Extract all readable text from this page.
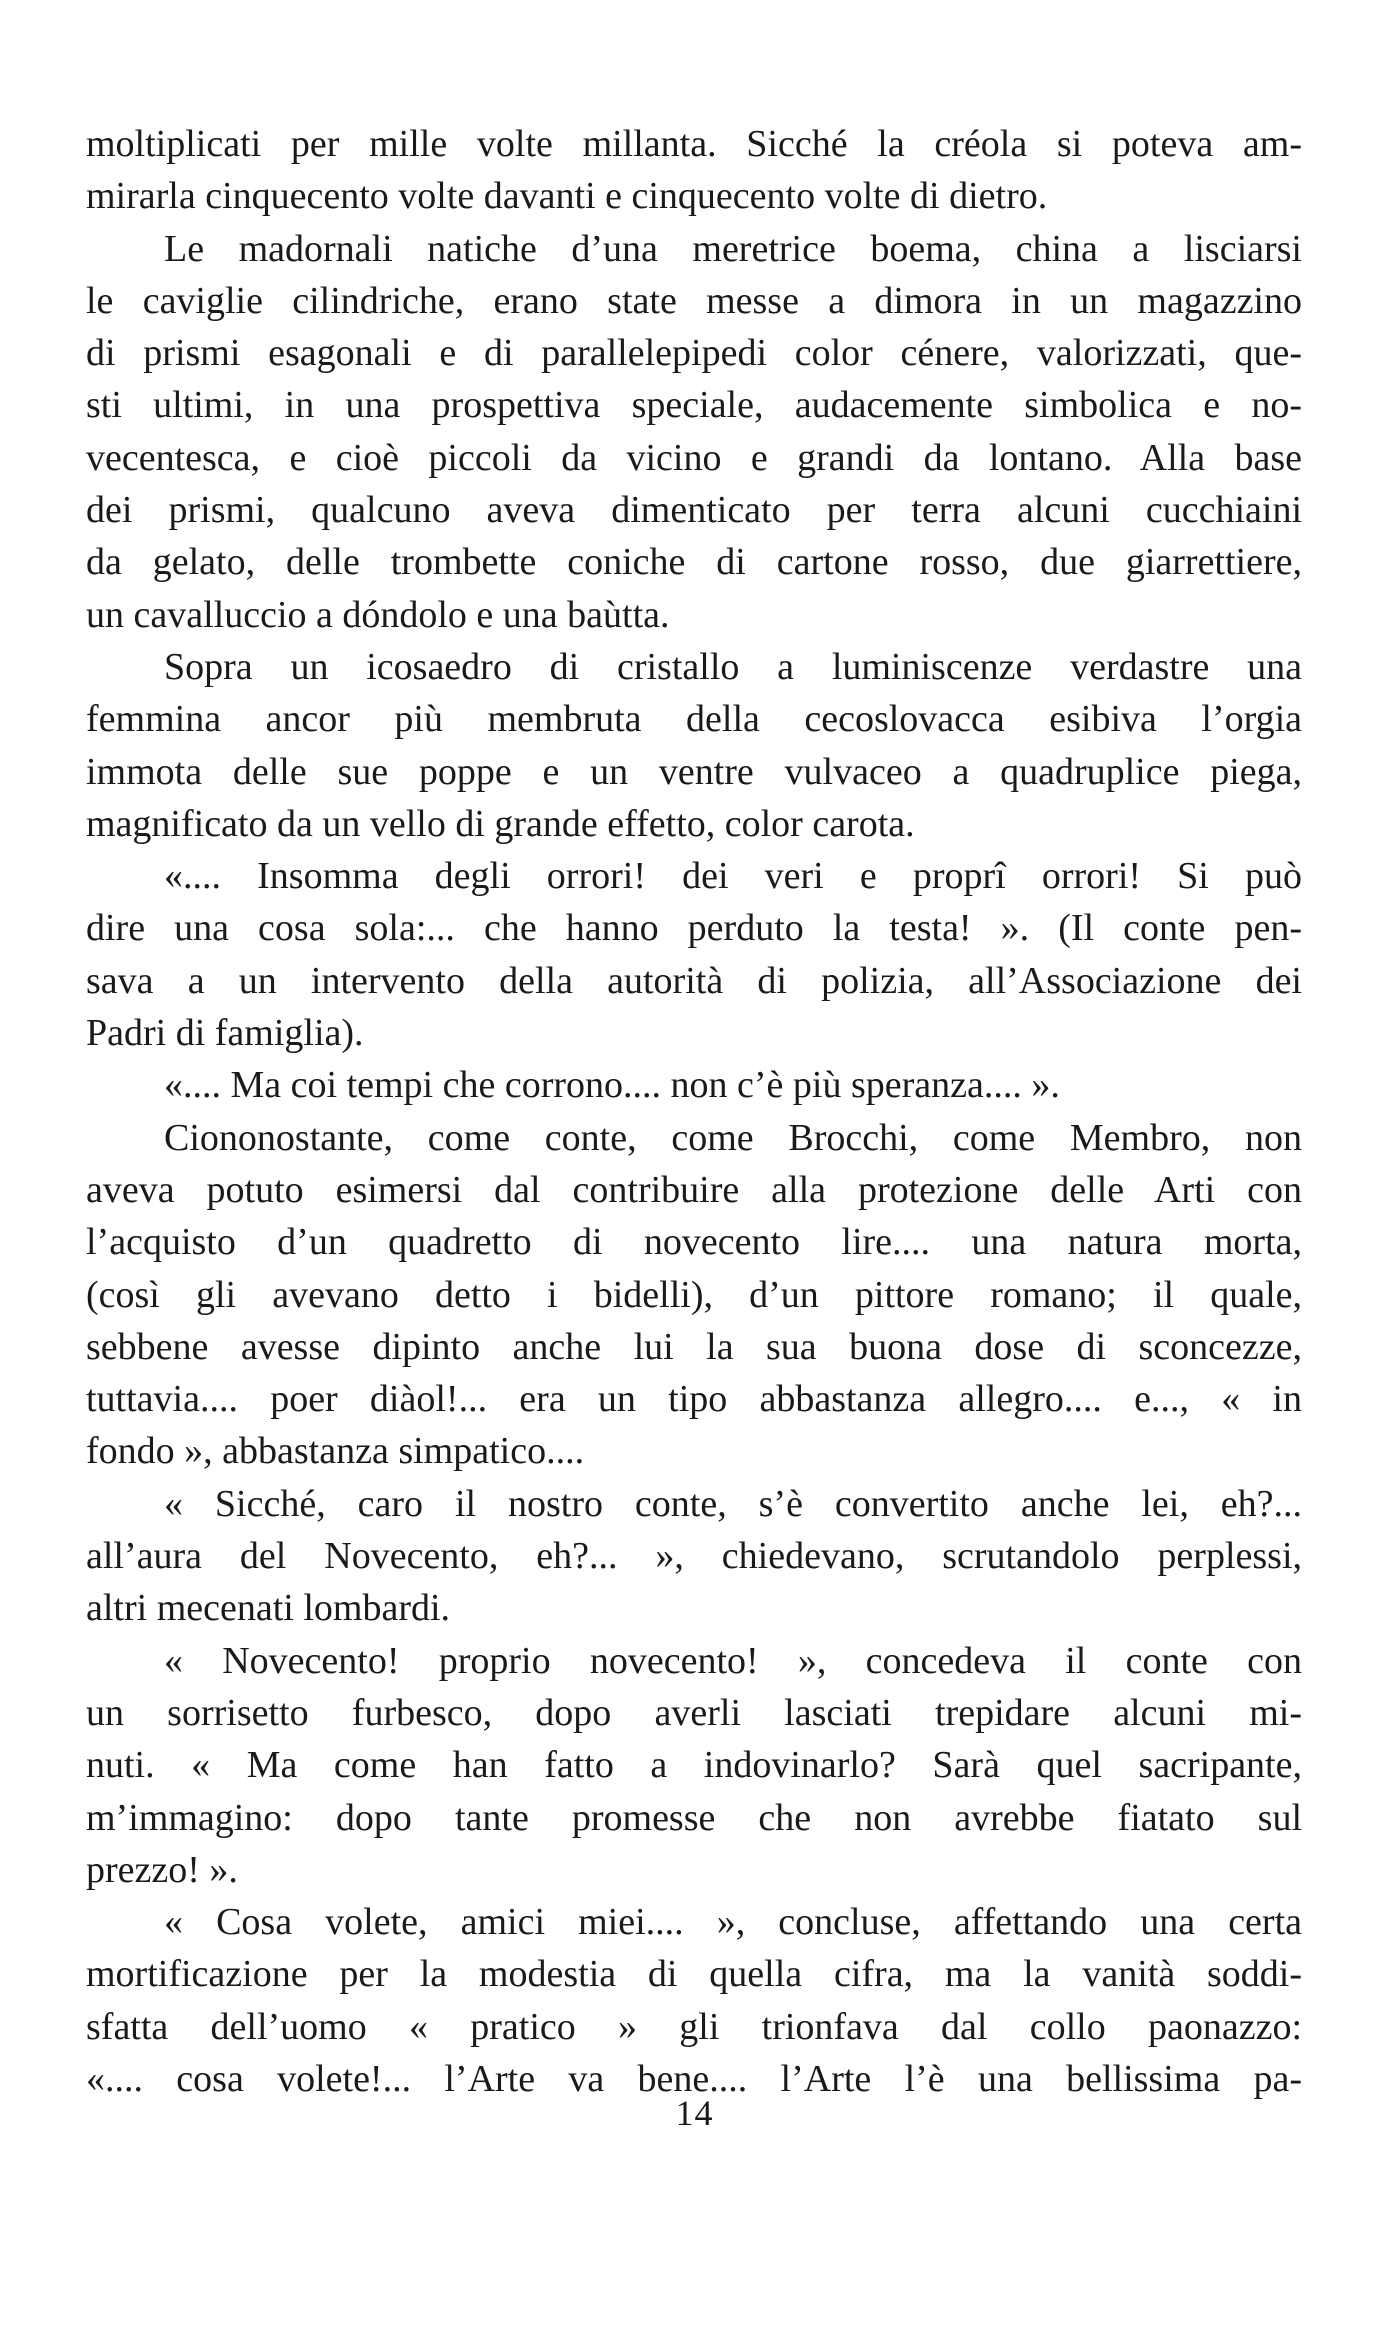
moltiplicati per mille volte millanta. Sicché la créola si poteva am-
mirarla cinquecento volte davanti e cinquecento volte di dietro.
Le madornali natiche d’una meretrice boema, china a lisciarsi
le caviglie cilindriche, erano state messe a dimora in un magazzino
di prismi esagonali e di parallelepipedi color cénere, valorizzati, que-
sti ultimi, in una prospettiva speciale, audacemente simbolica e no-
vecentesca, e cioè piccoli da vicino e grandi da lontano. Alla base
dei prismi, qualcuno aveva dimenticato per terra alcuni cucchiaini
da gelato, delle trombette coniche di cartone rosso, due giarrettiere,
un cavalluccio a dóndolo e una baùtta.
Sopra un icosaedro di cristallo a luminiscenze verdastre una
femmina ancor più membruta della cecoslovacca esibiva l’orgia
immota delle sue poppe e un ventre vulvaceo a quadruplice piega,
magnificato da un vello di grande effetto, color carota.
«.... Insomma degli orrori! dei veri e proprî orrori! Si può
dire una cosa sola:... che hanno perduto la testa! ». (Il conte pen-
sava a un intervento della autorità di polizia, all’Associazione dei
Padri di famiglia).
«.... Ma coi tempi che corrono.... non c’è più speranza.... ».
Ciononostante, come conte, come Brocchi, come Membro, non
aveva potuto esimersi dal contribuire alla protezione delle Arti con
l’acquisto d’un quadretto di novecento lire.... una natura morta,
(così gli avevano detto i bidelli), d’un pittore romano; il quale,
sebbene avesse dipinto anche lui la sua buona dose di sconcezze,
tuttavia.... poer diàol!... era un tipo abbastanza allegro.... e..., « in
fondo », abbastanza simpatico....
« Sicché, caro il nostro conte, s’è convertito anche lei, eh?...
all’aura del Novecento, eh?... », chiedevano, scrutandolo perplessi,
altri mecenati lombardi.
« Novecento! proprio novecento! », concedeva il conte con
un sorrisetto furbesco, dopo averli lasciati trepidare alcuni mi-
nuti. « Ma come han fatto a indovinarlo? Sarà quel sacripante,
m’immagino: dopo tante promesse che non avrebbe fiatato sul
prezzo! ».
« Cosa volete, amici miei.... », concluse, affettando una certa
mortificazione per la modestia di quella cifra, ma la vanità soddi-
sfatta dell’uomo « pratico » gli trionfava dal collo paonazzo:
«.... cosa volete!... l’Arte va bene.... l’Arte l’è una bellissima pa-
14
